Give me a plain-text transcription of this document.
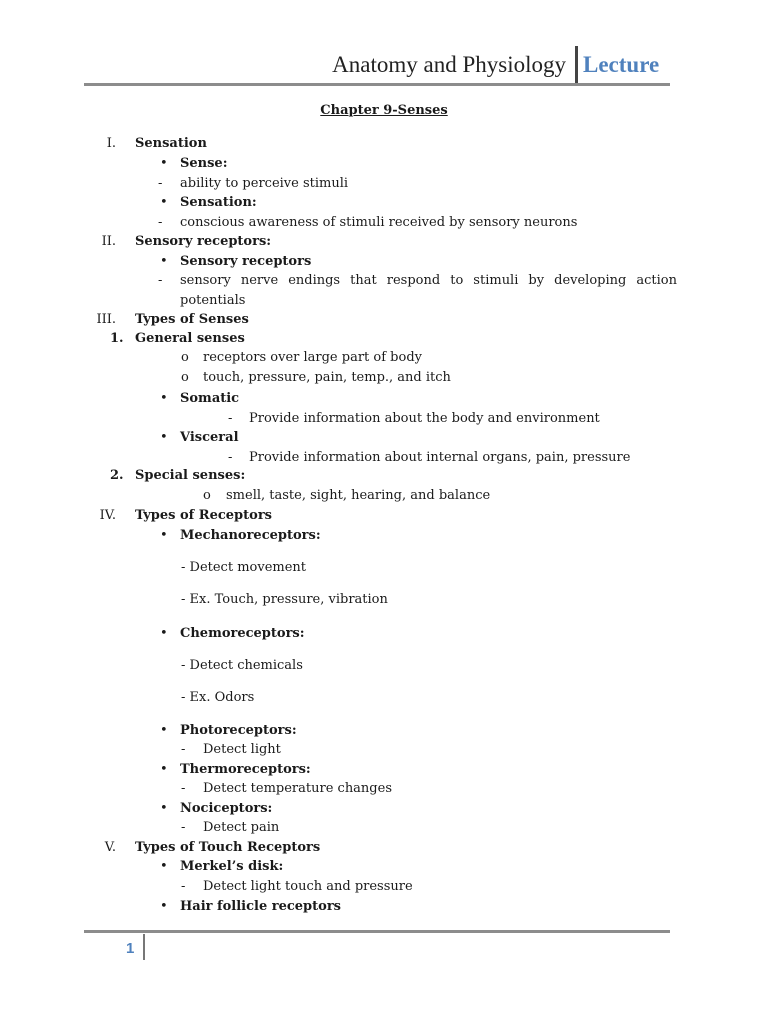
Anatomy and Physiology Lecture
Chapter 9-Senses
I. Sensation
• Sense:
- ability to perceive stimuli
• Sensation:
- conscious awareness of stimuli received by sensory neurons
II. Sensory receptors:
• Sensory receptors
- sensory nerve endings that respond to stimuli by developing action
potentials
III. Types of Senses
1. General senses
o receptors over large part of body
o touch, pressure, pain, temp., and itch
• Somatic
- Provide information about the body and environment
• Visceral
- Provide information about internal organs, pain, pressure
2. Special senses:
o smell, taste, sight, hearing, and balance
IV. Types of Receptors
• Mechanoreceptors:
- Detect movement
- Ex. Touch, pressure, vibration
• Chemoreceptors:
- Detect chemicals
- Ex. Odors
• Photoreceptors:
- Detect light
• Thermoreceptors:
- Detect temperature changes
• Nociceptors:
- Detect pain
V. Types of Touch Receptors
• Merkel’s disk:
- Detect light touch and pressure
• Hair follicle receptors
1
